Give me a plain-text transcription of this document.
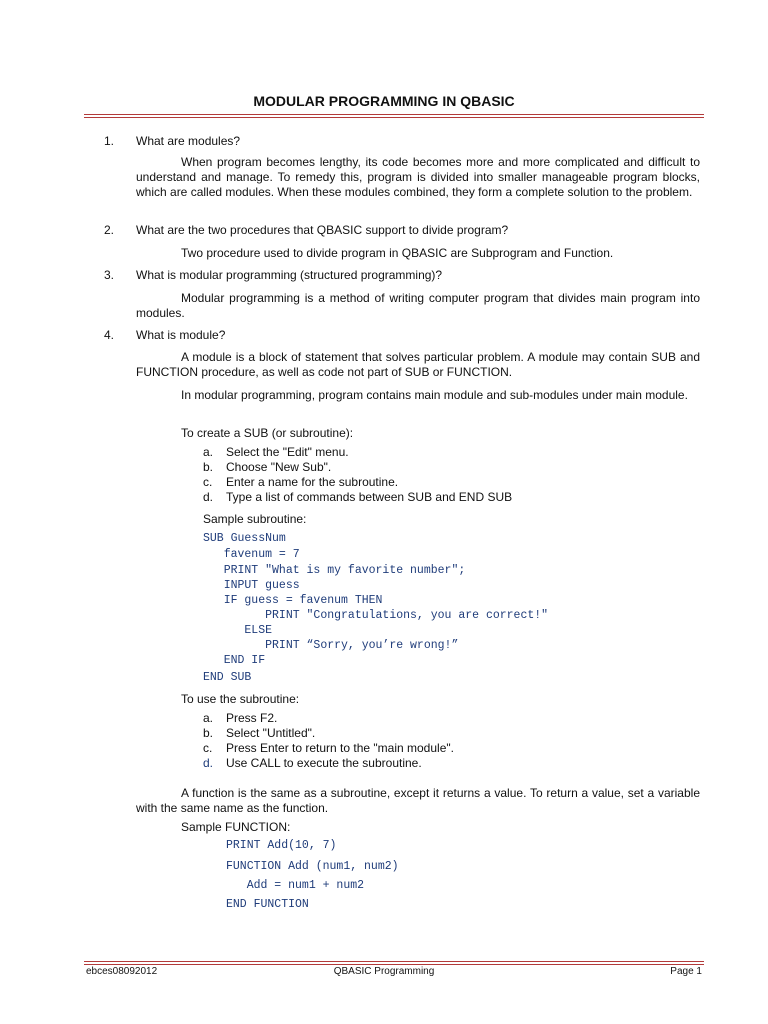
MODULAR PROGRAMMING IN QBASIC
1. What are modules?
When program becomes lengthy, its code becomes more and more complicated and difficult to understand and manage. To remedy this, program is divided into smaller manageable program blocks, which are called modules. When these modules combined, they form a complete solution to the problem.
2. What are the two procedures that QBASIC support to divide program?
Two procedure used to divide program in QBASIC are Subprogram and Function.
3. What is modular programming (structured programming)?
Modular programming is a method of writing computer program that divides main program into modules.
4. What is module?
A module is a block of statement that solves particular problem. A module may contain SUB and FUNCTION procedure, as well as code not part of SUB or FUNCTION.
In modular programming, program contains main module and sub-modules under main module.
To create a SUB (or subroutine):
a. Select the "Edit" menu.
b. Choose "New Sub".
c. Enter a name for the subroutine.
d. Type a list of commands between SUB and END SUB
Sample subroutine:
SUB GuessNum
favenum = 7
PRINT "What is my favorite number";
INPUT guess
IF guess = favenum THEN
PRINT "Congratulations, you are correct!"
ELSE
PRINT “Sorry, you’re wrong!”
END IF
END SUB
To use the subroutine:
a. Press F2.
b. Select "Untitled".
c. Press Enter to return to the "main module".
d. Use CALL to execute the subroutine.
A function is the same as a subroutine, except it returns a value. To return a value, set a variable with the same name as the function.
Sample FUNCTION:
PRINT Add(10, 7)
FUNCTION Add (num1, num2)
Add = num1 + num2
END FUNCTION
ebces08092012	QBASIC Programming	Page 1
